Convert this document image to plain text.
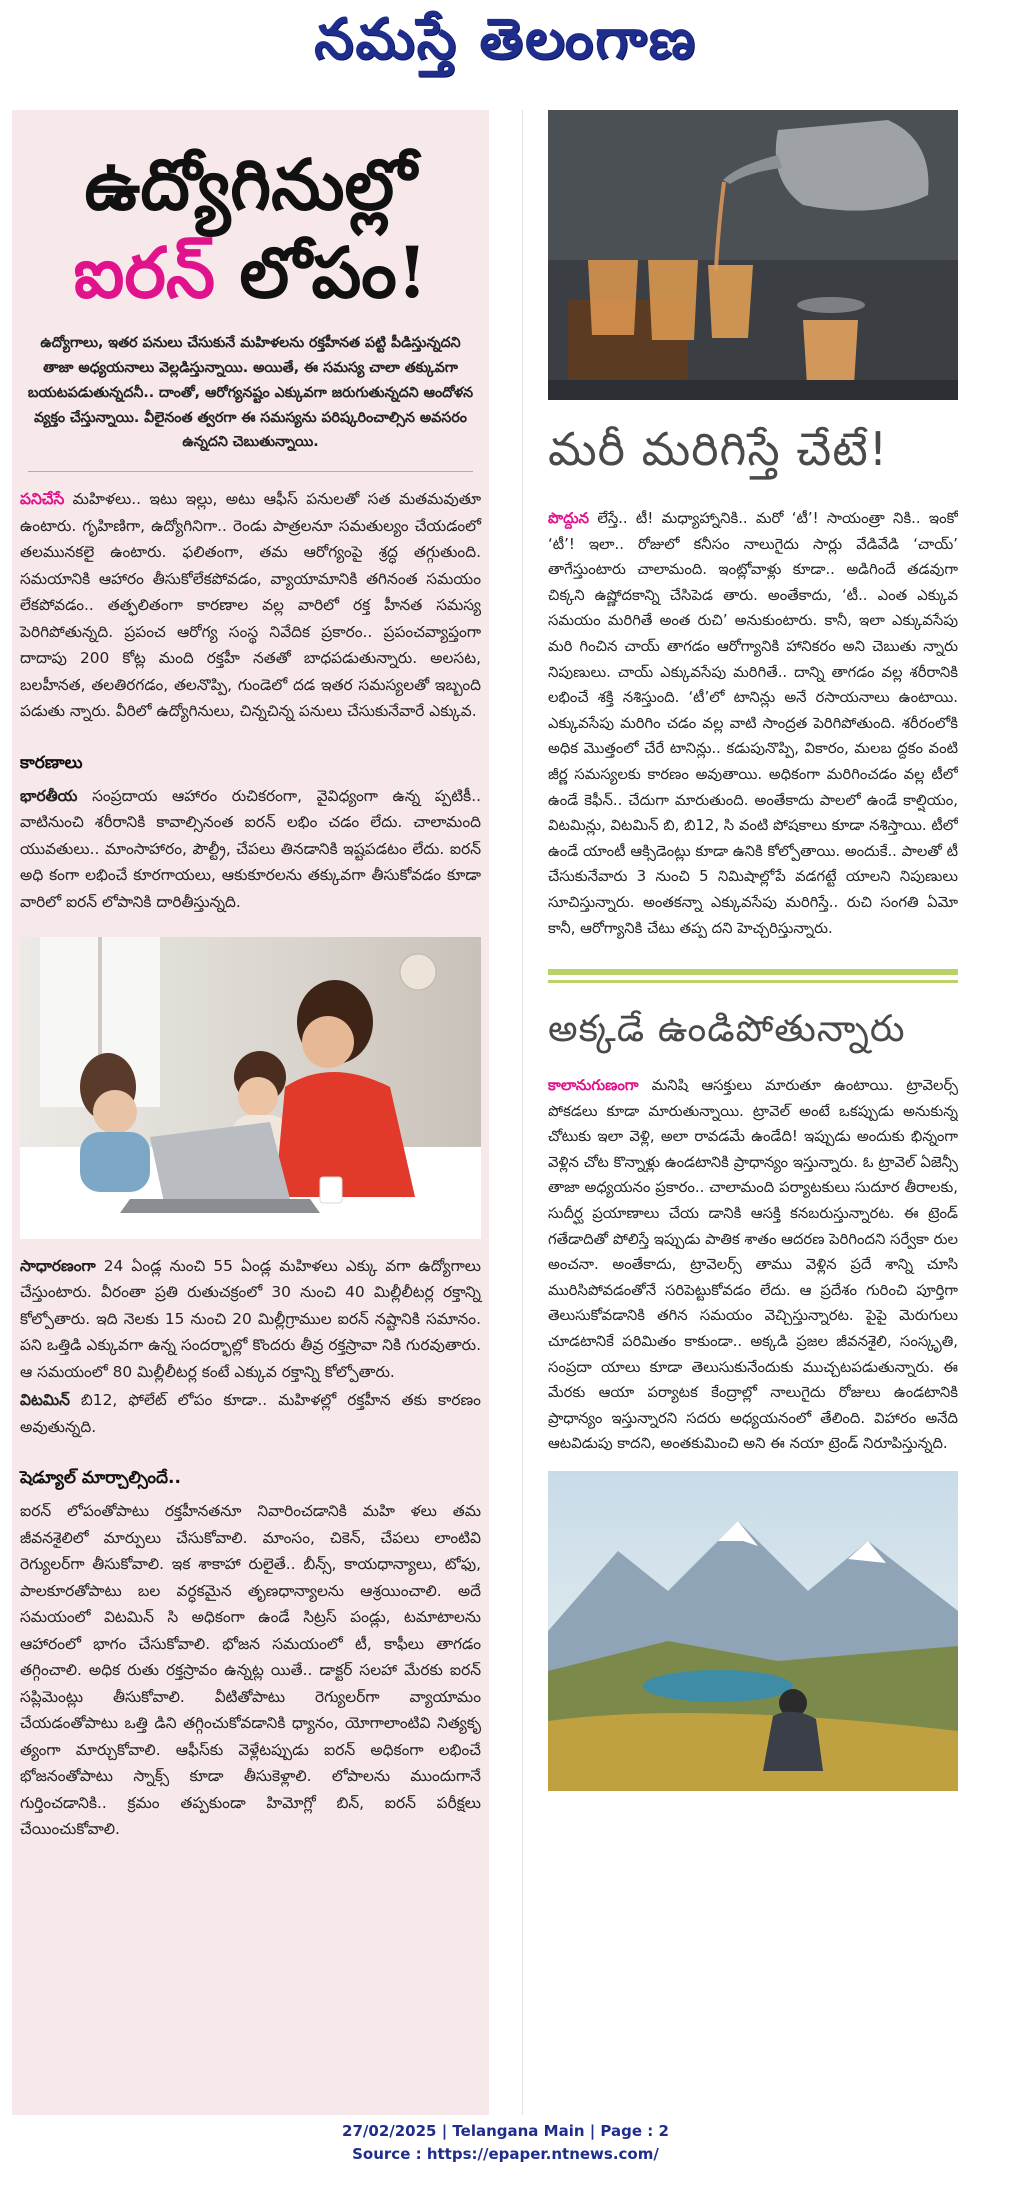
నమస్తే తెలంగాణ
ఉద్యోగినుల్లో
ఐరన్ లోపం!

ఉద్యోగాలు, ఇతర పనులు చేసుకునే మహిళలను రక్తహీనత పట్టి పీడిస్తున్నదని తాజా అధ్యయనాలు వెల్లడిస్తున్నాయి. అయితే, ఈ సమస్య చాలా తక్కువగా బయటపడుతున్నదనీ.. దాంతో, ఆరోగ్యనష్టం ఎక్కువగా జరుగుతున్నదని ఆందోళన వ్యక్తం చేస్తున్నాయి. వీలైనంత త్వరగా ఈ సమస్యను పరిష్కరించాల్సిన అవసరం ఉన్నదని చెబుతున్నాయి.

పనిచేసే మహిళలు.. ఇటు ఇల్లు, అటు ఆఫీస్ పనులతో సత మతమవుతూ ఉంటారు. గృహిణిగా, ఉద్యోగినిగా.. రెండు పాత్రలనూ సమతుల్యం చేయడంలో తలమునకలై ఉంటారు. ఫలితంగా, తమ ఆరోగ్యంపై శ్రద్ధ తగ్గుతుంది. సమయానికి ఆహారం తీసుకోలేకపోవడం, వ్యాయామానికి తగినంత సమయం లేకపోవడం.. తత్ఫలితంగా కారణాల వల్ల వారిలో రక్త హీనత సమస్య పెరిగిపోతున్నది. ప్రపంచ ఆరోగ్య సంస్థ నివేదిక ప్రకారం.. ప్రపంచవ్యాప్తంగా దాదాపు 200 కోట్ల మంది రక్తహీ నతతో బాధపడుతున్నారు. అలసట, బలహీనత, తలతిరగడం, తలనొప్పి, గుండెలో దడ ఇతర సమస్యలతో ఇబ్బంది పడుతు న్నారు. వీరిలో ఉద్యోగినులు, చిన్నచిన్న పనులు చేసుకునేవారే ఎక్కువ.

కారణాలు

భారతీయ సంప్రదాయ ఆహారం రుచికరంగా, వైవిధ్యంగా ఉన్న ప్పటికీ.. వాటినుంచి శరీరానికి కావాల్సినంత ఐరన్ లభిం చడం లేదు. చాలామంది యువతులు.. మాంసాహారం, పౌల్ట్రీ, చేపలు తినడానికి ఇష్టపడటం లేదు. ఐరన్ అధి కంగా లభించే కూరగాయలు, ఆకుకూరలను తక్కువగా తీసుకోవడం కూడా వారిలో ఐరన్ లోపానికి దారితీస్తున్నది.

సాధారణంగా 24 ఏండ్ల నుంచి 55 ఏండ్ల మహిళలు ఎక్కు వగా ఉద్యోగాలు చేస్తుంటారు. వీరంతా ప్రతి రుతుచక్రంలో 30 నుంచి 40 మిల్లీలీటర్ల రక్తాన్ని కోల్పోతారు. ఇది నెలకు 15 నుంచి 20 మిల్లీగ్రాముల ఐరన్ నష్టానికి సమానం. పని ఒత్తిడి ఎక్కువగా ఉన్న సందర్భాల్లో కొందరు తీవ్ర రక్తస్రావా నికి గురవుతారు. ఆ సమయంలో 80 మిల్లీలీటర్ల కంటే ఎక్కువ రక్తాన్ని కోల్పోతారు.

విటమిన్ బి12, ఫోలేట్ లోపం కూడా.. మహిళల్లో రక్తహీన తకు కారణం అవుతున్నది.

షెడ్యూల్ మార్చాల్సిందే..

ఐరన్ లోపంతోపాటు రక్తహీనతనూ నివారించడానికి మహి ళలు తమ జీవనశైలిలో మార్పులు చేసుకోవాలి. మాంసం, చికెన్, చేపలు లాంటివి రెగ్యులర్‌గా తీసుకోవాలి. ఇక శాకాహా రులైతే.. బీన్స్, కాయధాన్యాలు, టోఫు, పాలకూరతోపాటు బల వర్ధకమైన తృణధాన్యాలను ఆశ్రయించాలి. అదే సమయంలో విటమిన్ సి అధికంగా ఉండే సిట్రస్ పండ్లు, టమాటాలను ఆహారంలో భాగం చేసుకోవాలి. భోజన సమయంలో టీ, కాఫీలు తాగడం తగ్గించాలి. అధిక రుతు రక్తస్రావం ఉన్నట్ల యితే.. డాక్టర్ సలహా మేరకు ఐరన్ సప్లిమెంట్లు తీసుకోవాలి. వీటితోపాటు రెగ్యులర్‌గా వ్యాయామం చేయడంతోపాటు ఒత్తి డిని తగ్గించుకోవడానికి ధ్యానం, యోగాలాంటివి నిత్యకృ త్యంగా మార్చుకోవాలి. ఆఫీస్‌కు వెళ్లేటప్పుడు ఐరన్ అధికంగా లభించే భోజనంతోపాటు స్నాక్స్ కూడా తీసుకెళ్లాలి. లోపాలను ముందుగానే గుర్తించడానికి.. క్రమం తప్పకుండా హిమోగ్లో బిన్, ఐరన్ పరీక్షలు చేయించుకోవాలి.

మరీ మరిగిస్తే చేటే!

పొద్దున లేస్తే.. టీ! మధ్యాహ్నానికి.. మరో ‘టీ’! సాయంత్రా నికి.. ఇంకో ‘టీ’! ఇలా.. రోజులో కనీసం నాలుగైదు సార్లు వేడివేడి ‘చాయ్’ తాగేస్తుంటారు చాలామంది. ఇంట్లోవాళ్లు కూడా.. అడిగిందే తడవుగా చిక్కని ఉష్ణోదకాన్ని చేసిపెడ తారు. అంతేకాదు, ‘టీ.. ఎంత ఎక్కువ సమయం మరిగితే అంత రుచి’ అనుకుంటారు. కానీ, ఇలా ఎక్కువసేపు మరి గించిన చాయ్ తాగడం ఆరోగ్యానికి హానికరం అని చెబుతు న్నారు నిపుణులు. చాయ్ ఎక్కువసేపు మరిగితే.. దాన్ని తాగడం వల్ల శరీరానికి లభించే శక్తి నశిస్తుంది. ‘టీ’లో టానిన్లు అనే రసాయనాలు ఉంటాయి. ఎక్కువసేపు మరిగిం చడం వల్ల వాటి సాంద్రత పెరిగిపోతుంది. శరీరంలోకి అధిక మొత్తంలో చేరే టానిన్లు.. కడుపునొప్పి, వికారం, మలబ ద్దకం వంటి జీర్ణ సమస్యలకు కారణం అవుతాయి. అధికంగా మరిగించడం వల్ల టీలో ఉండే కెఫీన్.. చేదుగా మారుతుంది. అంతేకాదు పాలలో ఉండే కాల్షియం, విటమిన్లు, విటమిన్ బి, బి12, సి వంటి పోషకాలు కూడా నశిస్తాయి. టీలో ఉండే యాంటీ ఆక్సిడెంట్లు కూడా ఉనికి కోల్పోతాయి. అందుకే.. పాలతో టీ చేసుకునేవారు 3 నుంచి 5 నిమిషాల్లోపే వడగట్టే యాలని నిపుణులు సూచిస్తున్నారు. అంతకన్నా ఎక్కువసేపు మరిగిస్తే.. రుచి సంగతి ఏమో కానీ, ఆరోగ్యానికి చేటు తప్ప దని హెచ్చరిస్తున్నారు.

అక్కడే ఉండిపోతున్నారు

కాలానుగుణంగా మనిషి ఆసక్తులు మారుతూ ఉంటాయి. ట్రావెలర్స్ పోకడలు కూడా మారుతున్నాయి. ట్రావెల్ అంటే ఒకప్పుడు అనుకున్న చోటుకు ఇలా వెళ్లి, అలా రావడమే ఉండేది! ఇప్పుడు అందుకు భిన్నంగా వెళ్లిన చోట కొన్నాళ్లు ఉండటానికి ప్రాధాన్యం ఇస్తున్నారు. ఓ ట్రావెల్ ఏజెన్సీ తాజా అధ్యయనం ప్రకారం.. చాలామంది పర్యాటకులు సుదూర తీరాలకు, సుదీర్ఘ ప్రయాణాలు చేయ డానికి ఆసక్తి కనబరుస్తున్నారట. ఈ ట్రెండ్ గతేడాదితో పోలిస్తే ఇప్పుడు పాతిక శాతం ఆదరణ పెరిగిందని సర్వేకా రుల అంచనా. అంతేకాదు, ట్రావెలర్స్ తాము వెళ్లిన ప్రదే శాన్ని చూసి మురిసిపోవడంతోనే సరిపెట్టుకోవడం లేదు. ఆ ప్రదేశం గురించి పూర్తిగా తెలుసుకోవడానికి తగిన సమయం వెచ్చిస్తున్నారట. పైపై మెరుగులు చూడటానికే పరిమితం కాకుండా.. అక్కడి ప్రజల జీవనశైలి, సంస్కృతి, సంప్రదా యాలు కూడా తెలుసుకునేందుకు ముచ్చటపడుతున్నారు. ఈ మేరకు ఆయా పర్యాటక కేంద్రాల్లో నాలుగైదు రోజులు ఉండటానికి ప్రాధాన్యం ఇస్తున్నారని సదరు అధ్యయనంలో తేలింది. విహారం అనేది ఆటవిడుపు కాదని, అంతకుమించి అని ఈ నయా ట్రెండ్ నిరూపిస్తున్నది.

27/02/2025 | Telangana Main | Page : 2
Source : https://epaper.ntnews.com/
